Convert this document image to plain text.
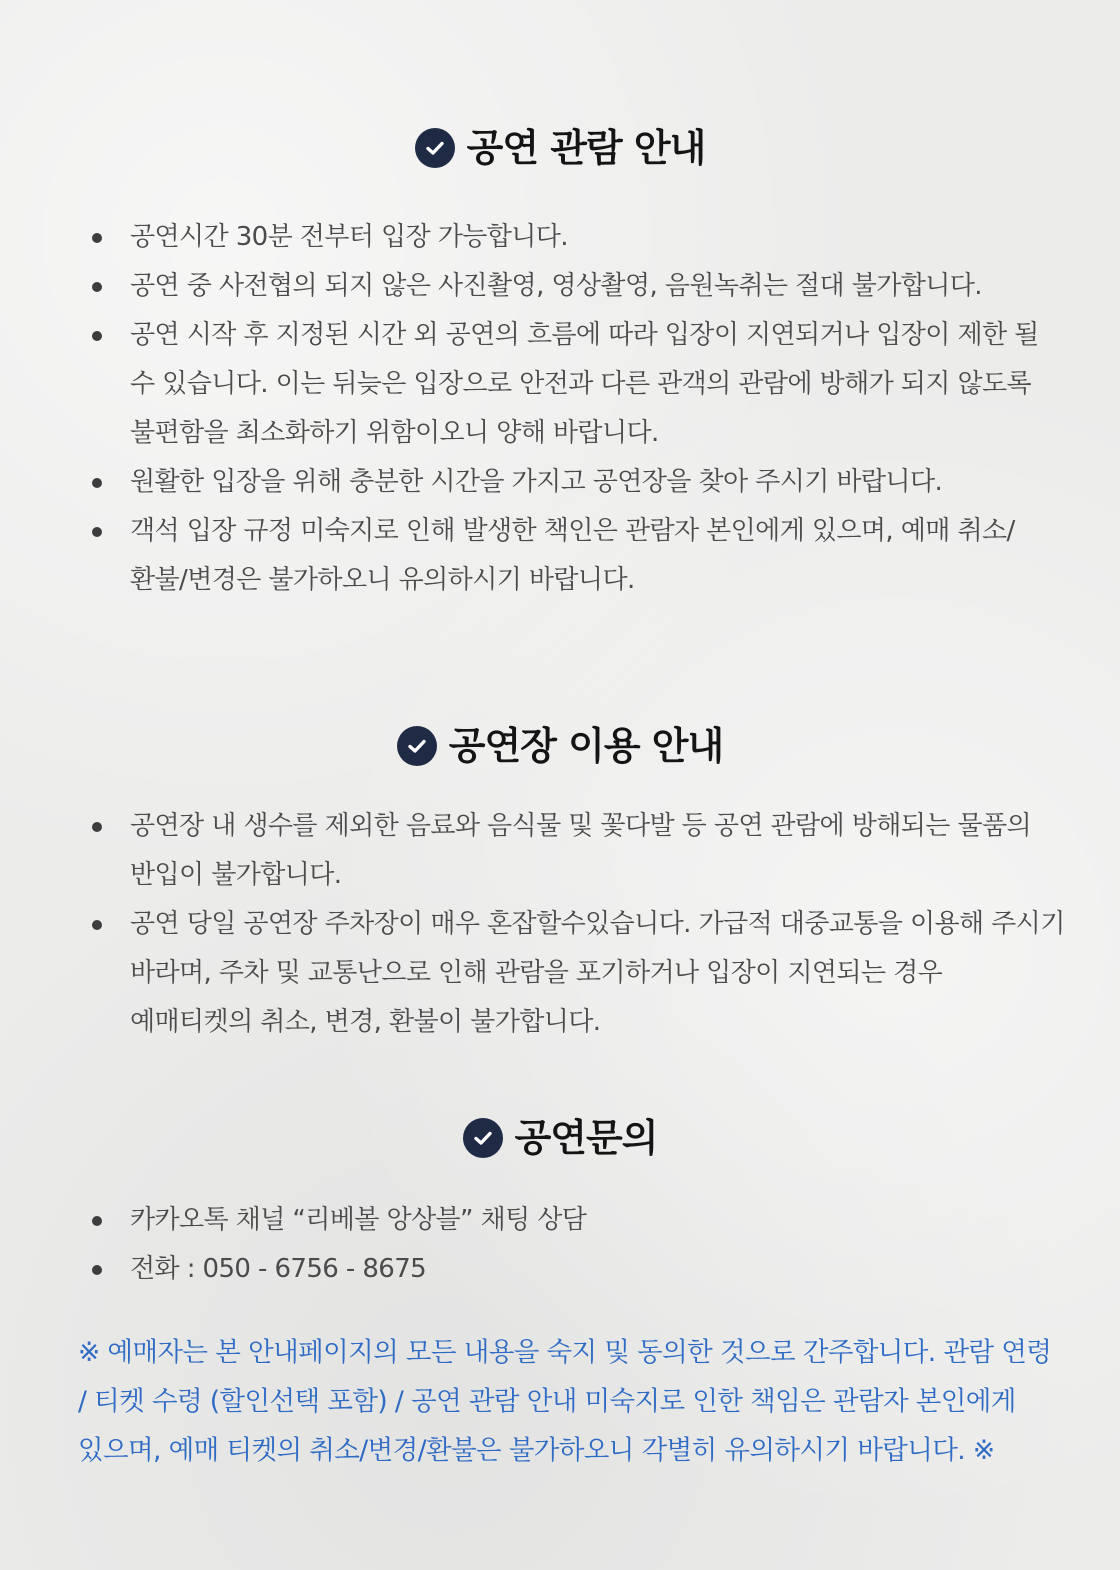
공연 관람 안내
공연시간 30분 전부터 입장 가능합니다.
공연 중 사전협의 되지 않은 사진촬영, 영상촬영, 음원녹취는 절대 불가합니다.
공연 시작 후 지정된 시간 외 공연의 흐름에 따라 입장이 지연되거나 입장이 제한 될 수 있습니다. 이는 뒤늦은 입장으로 안전과 다른 관객의 관람에 방해가 되지 않도록 불편함을 최소화하기 위함이오니 양해 바랍니다.
원활한 입장을 위해 충분한 시간을 가지고 공연장을 찾아 주시기 바랍니다.
객석 입장 규정 미숙지로 인해 발생한 책인은 관람자 본인에게 있으며, 예매 취소/환불/변경은 불가하오니 유의하시기 바랍니다.
공연장 이용 안내
공연장 내 생수를 제외한 음료와 음식물 및 꽃다발 등 공연 관람에 방해되는 물품의 반입이 불가합니다.
공연 당일 공연장 주차장이 매우 혼잡할수있습니다. 가급적 대중교통을 이용해 주시기 바라며, 주차 및 교통난으로 인해 관람을 포기하거나 입장이 지연되는 경우 예매티켓의 취소, 변경, 환불이 불가합니다.
공연문의
카카오톡 채널 “리베볼 앙상블” 채팅 상담
전화 : 050 - 6756 - 8675
※ 예매자는 본 안내페이지의 모든 내용을 숙지 및 동의한 것으로 간주합니다. 관람 연령 / 티켓 수령 (할인선택 포함) / 공연 관람 안내 미숙지로 인한 책임은 관람자 본인에게 있으며, 예매 티켓의 취소/변경/환불은 불가하오니 각별히 유의하시기 바랍니다. ※
